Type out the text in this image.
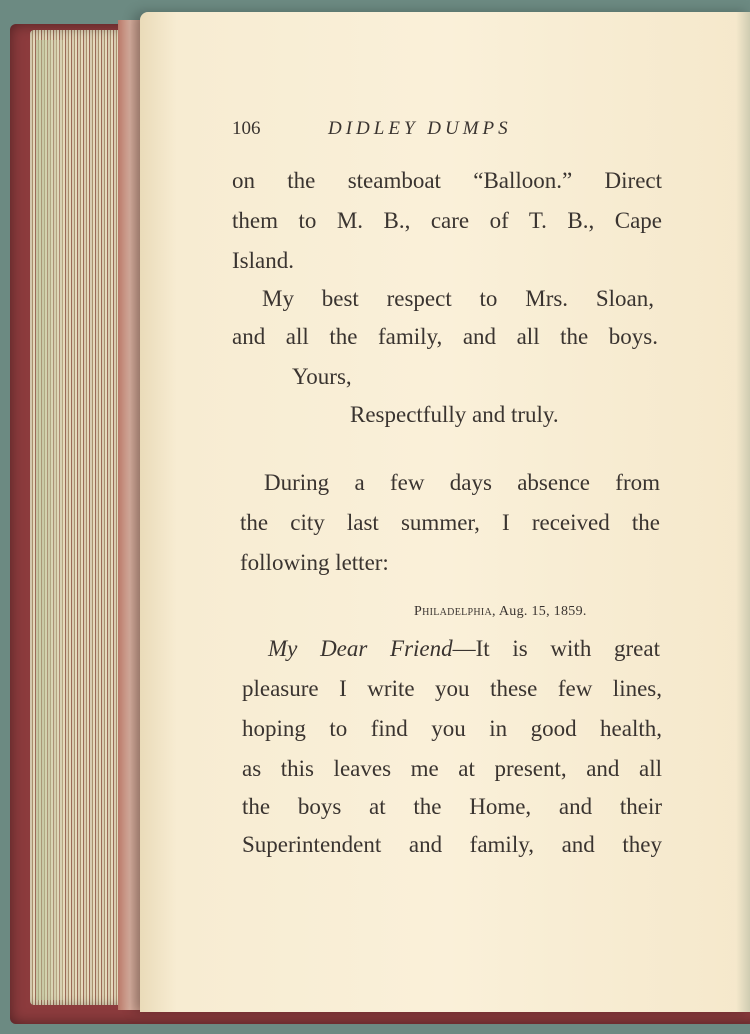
106	DIDLEY DUMPS
on the steamboat “Balloon.” Direct
them to M. B., care of T. B., Cape
Island.
My best respect to Mrs. Sloan,
and all the family, and all the boys.
Yours,
Respectfully and truly.
During a few days absence from
the city last summer, I received the
following letter:
Philadelphia, Aug. 15, 1859.
My Dear Friend—It is with great
pleasure I write you these few lines,
hoping to find you in good health,
as this leaves me at present, and all
the boys at the Home, and their
Superintendent and family, and they
